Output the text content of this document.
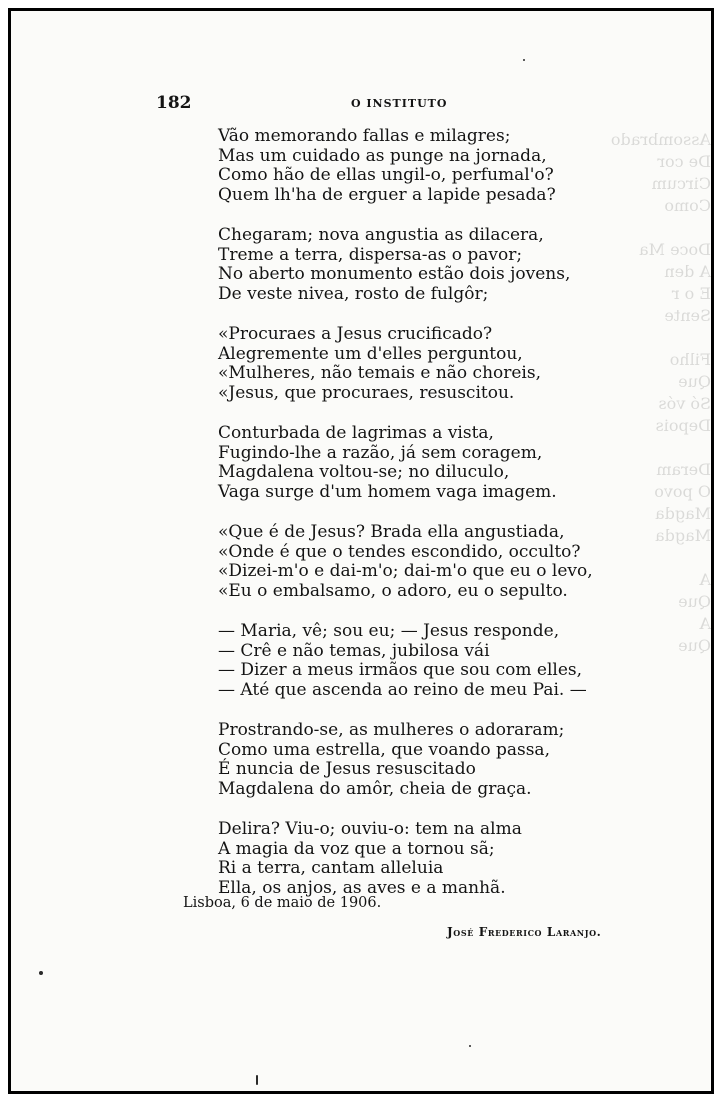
Assombrado
De cor
Circum
Como

Doce Ma
A den
E o r
Sente

Filho
Que
Só vós
Depois

Deram
O povo
Magda
Magda

A
Que
A
Que
182	O INSTITUTO
Vão memorando fallas e milagres;
Mas um cuidado as punge na jornada,
Como hão de ellas ungil-o, perfumal'o?
Quem lh'ha de erguer a lapide pesada?
Chegaram; nova angustia as dilacera,
Treme a terra, dispersa-as o pavor;
No aberto monumento estão dois jovens,
De veste nivea, rosto de fulgôr;
«Procuraes a Jesus crucificado?
Alegremente um d'elles perguntou,
«Mulheres, não temais e não choreis,
«Jesus, que procuraes, resuscitou.
Conturbada de lagrimas a vista,
Fugindo-lhe a razão, já sem coragem,
Magdalena voltou-se; no diluculo,
Vaga surge d'um homem vaga imagem.
«Que é de Jesus? Brada ella angustiada,
«Onde é que o tendes escondido, occulto?
«Dizei-m'o e dai-m'o; dai-m'o que eu o levo,
«Eu o embalsamo, o adoro, eu o sepulto.
— Maria, vê; sou eu; — Jesus responde,
— Crê e não temas, jubilosa vái
— Dizer a meus irmãos que sou com elles,
— Até que ascenda ao reino de meu Pai. —
Prostrando-se, as mulheres o adoraram;
Como uma estrella, que voando passa,
É nuncia de Jesus resuscitado
Magdalena do amôr, cheia de graça.
Delira? Viu-o; ouviu-o: tem na alma
A magia da voz que a tornou sã;
Ri a terra, cantam alleluia
Ella, os anjos, as aves e a manhã.
Lisboa, 6 de maio de 1906.
José Frederico Laranjo.
